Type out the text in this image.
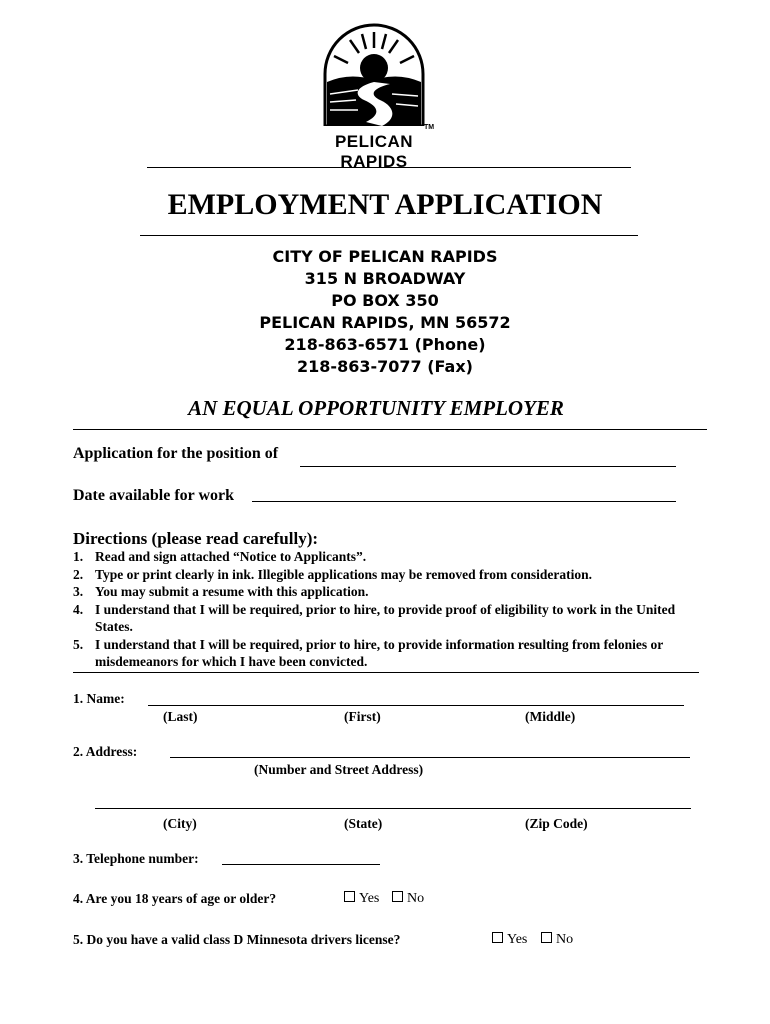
PELICAN RAPIDS
TM
EMPLOYMENT APPLICATION
CITY OF PELICAN RAPIDS
315 N BROADWAY
PO BOX 350
PELICAN RAPIDS, MN 56572
218-863-6571 (Phone)
218-863-7077 (Fax)
AN EQUAL OPPORTUNITY EMPLOYER
Application for the position of
Date available for work
Directions (please read carefully):
1. Read and sign attached “Notice to Applicants”.
2. Type or print clearly in ink. Illegible applications may be removed from consideration.
3. You may submit a resume with this application.
4. I understand that I will be required, prior to hire, to provide proof of eligibility to work in the United States.
5. I understand that I will be required, prior to hire, to provide information resulting from felonies or misdemeanors for which I have been convicted.
1. Name:
(Last)	(First)	(Middle)
2. Address:
(Number and Street Address)
(City)	(State)	(Zip Code)
3. Telephone number:
4. Are you 18 years of age or older?	Yes	No
5. Do you have a valid class D Minnesota drivers license?	Yes	No
